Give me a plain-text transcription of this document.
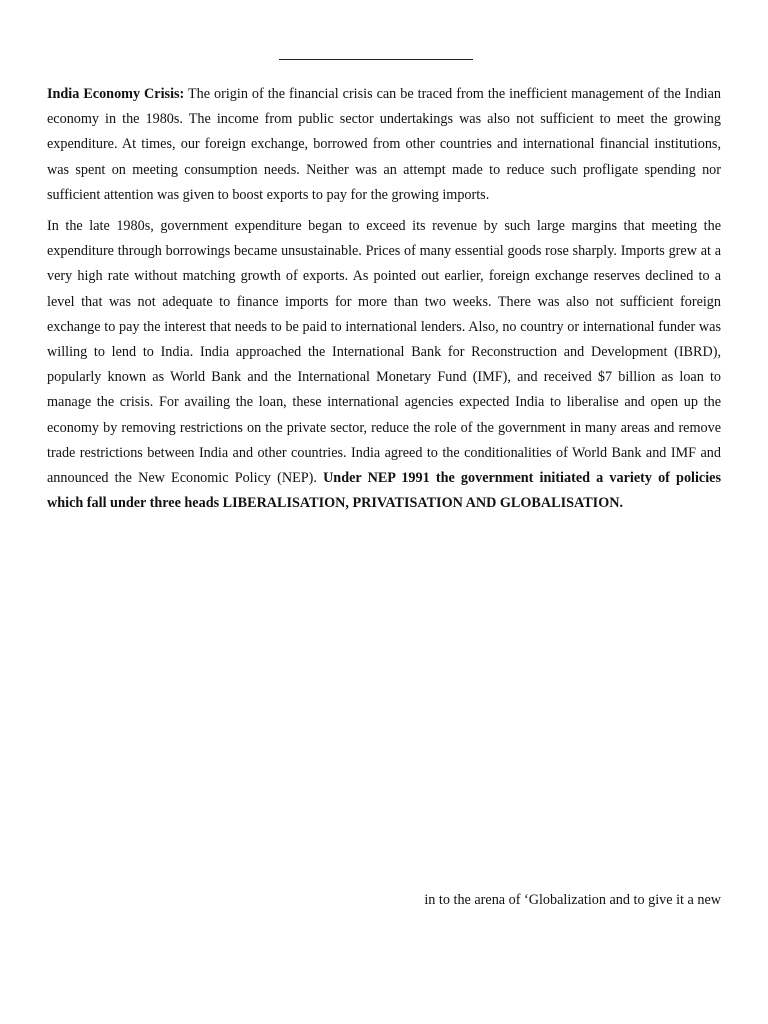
India Economy Crisis: The origin of the financial crisis can be traced from the inefficient management of the Indian economy in the 1980s. The income from public sector undertakings was also not sufficient to meet the growing expenditure. At times, our foreign exchange, borrowed from other countries and international financial institutions, was spent on meeting consumption needs. Neither was an attempt made to reduce such profligate spending nor sufficient attention was given to boost exports to pay for the growing imports.

In the late 1980s, government expenditure began to exceed its revenue by such large margins that meeting the expenditure through borrowings became unsustainable. Prices of many essential goods rose sharply. Imports grew at a very high rate without matching growth of exports. As pointed out earlier, foreign exchange reserves declined to a level that was not adequate to finance imports for more than two weeks. There was also not sufficient foreign exchange to pay the interest that needs to be paid to international lenders. Also, no country or international funder was willing to lend to India. India approached the International Bank for Reconstruction and Development (IBRD), popularly known as World Bank and the International Monetary Fund (IMF), and received $7 billion as loan to manage the crisis. For availing the loan, these international agencies expected India to liberalise and open up the economy by removing restrictions on the private sector, reduce the role of the government in many areas and remove trade restrictions between India and other countries. India agreed to the conditionalities of World Bank and IMF and announced the New Economic Policy (NEP). Under NEP 1991 the government initiated a variety of policies which fall under three heads LIBERALISATION, PRIVATISATION AND GLOBALISATION.

in to the arena of ‘Globalization and to give it a new
